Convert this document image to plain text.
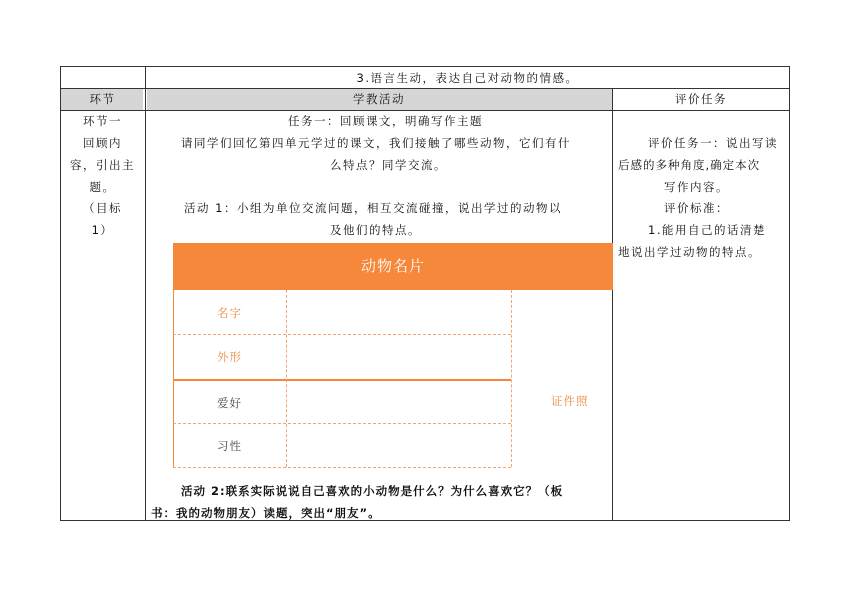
3.语言生动，表达自己对动物的情感。
环节	学教活动	评价任务
环节一
回顾内
容，引出主
题。
（目标
1）
任务一：回顾课文，明确写作主题
请同学们回忆第四单元学过的课文，我们接触了哪些动物，它们有什
么特点？同学交流。
活动 1：小组为单位交流问题，相互交流碰撞，说出学过的动物以
及他们的特点。
活动 2:联系实际说说自己喜欢的小动物是什么？为什么喜欢它？（板
书：我的动物朋友）读题，突出“朋友”。
动物名片
名字
外形
爱好
习性
证件照
评价任务一：说出写读
后感的多种角度,确定本次
写作内容。
评价标准：
1.能用自己的话清楚
地说出学过动物的特点。
